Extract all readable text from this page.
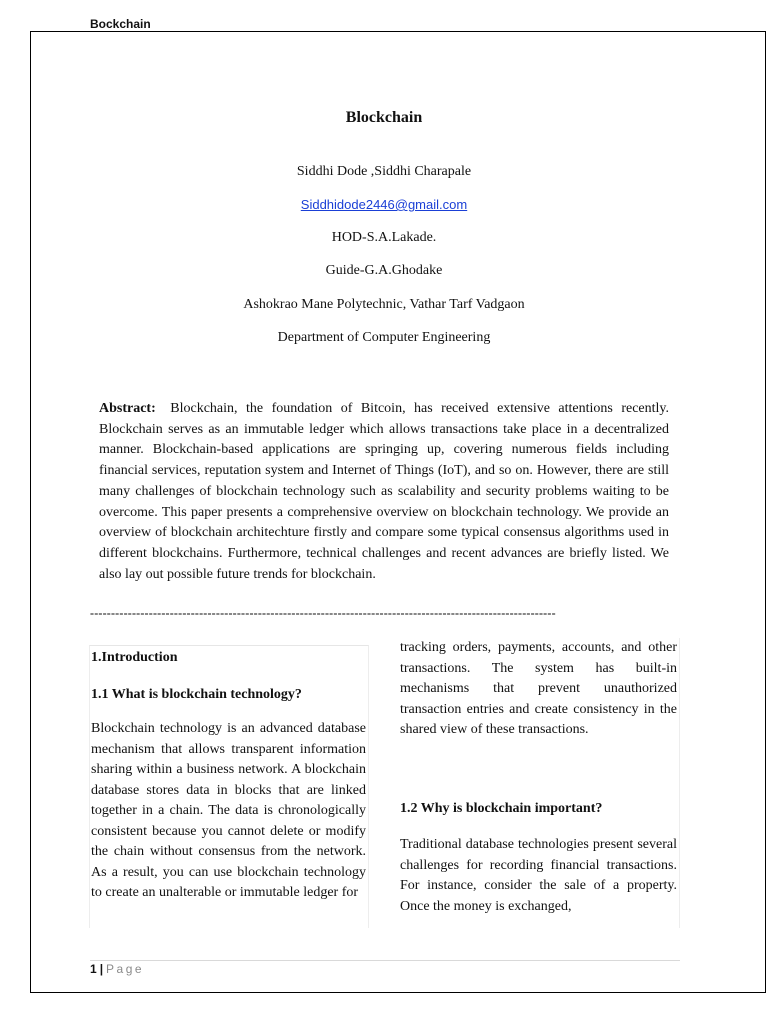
Bockchain
Blockchain
Siddhi Dode ,Siddhi Charapale
Siddhidode2446@gmail.com
HOD-S.A.Lakade.
Guide-G.A.Ghodake
Ashokrao Mane Polytechnic, Vathar Tarf Vadgaon
Department of Computer Engineering
Abstract: Blockchain, the foundation of Bitcoin, has received extensive attentions recently. Blockchain serves as an immutable ledger which allows transactions take place in a decentralized manner. Blockchain-based applications are springing up, covering numerous fields including financial services, reputation system and Internet of Things (IoT), and so on. However, there are still many challenges of blockchain technology such as scalability and security problems waiting to be overcome. This paper presents a comprehensive overview on blockchain technology. We provide an overview of blockchain architechture firstly and compare some typical consensus algorithms used in different blockchains. Furthermore, technical challenges and recent advances are briefly listed. We also lay out possible future trends for blockchain.
---------------------------------------------------------------------------------------------------------------

1.Introduction

1.1 What is blockchain technology?

Blockchain technology is an advanced database mechanism that allows transparent information sharing within a business network. A blockchain database stores data in blocks that are linked together in a chain. The data is chronologically consistent because you cannot delete or modify the chain without consensus from the network. As a result, you can use blockchain technology to create an unalterable or immutable ledger for

tracking orders, payments, accounts, and other transactions. The system has built-in mechanisms that prevent unauthorized transaction entries and create consistency in the shared view of these transactions.

1.2 Why is blockchain important?

Traditional database technologies present several challenges for recording financial transactions. For instance, consider the sale of a property. Once the money is exchanged,

1 | Page
